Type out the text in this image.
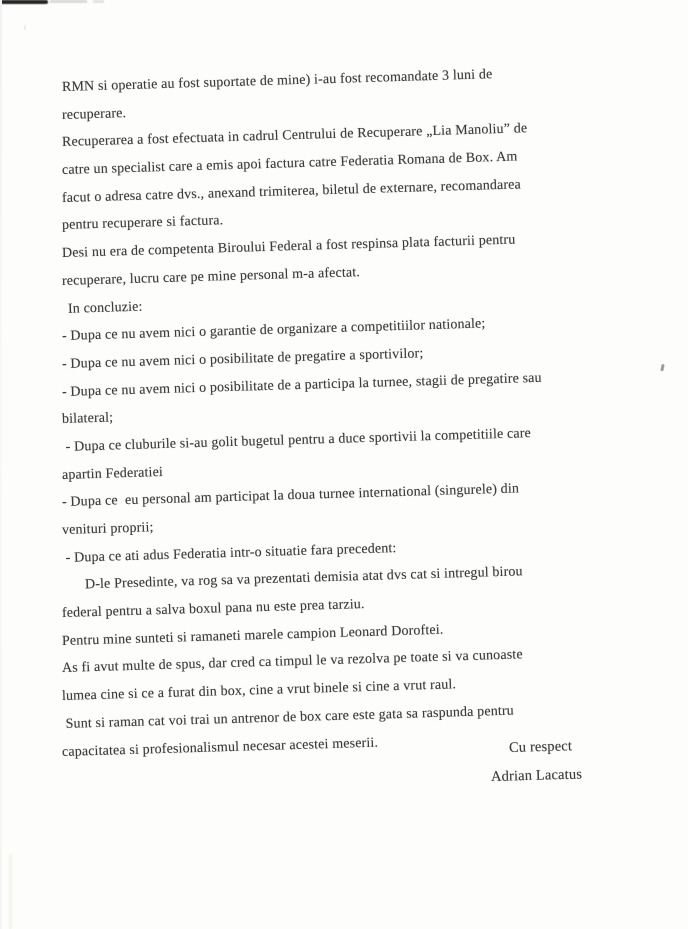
RMN si operatie au fost suportate de mine) i-au fost recomandate 3 luni de
recuperare.
Recuperarea a fost efectuata in cadrul Centrului de Recuperare „Lia Manoliu” de
catre un specialist care a emis apoi factura catre Federatia Romana de Box. Am
facut o adresa catre dvs., anexand trimiterea, biletul de externare, recomandarea
pentru recuperare si factura.
Desi nu era de competenta Biroului Federal a fost respinsa plata facturii pentru
recuperare, lucru care pe mine personal m-a afectat.
In concluzie:
- Dupa ce nu avem nici o garantie de organizare a competitiilor nationale;
- Dupa ce nu avem nici o posibilitate de pregatire a sportivilor;
- Dupa ce nu avem nici o posibilitate de a participa la turnee, stagii de pregatire sau
bilateral;
- Dupa ce cluburile si-au golit bugetul pentru a duce sportivii la competitiile care
apartin Federatiei
- Dupa ce  eu personal am participat la doua turnee international (singurele) din
venituri proprii;
- Dupa ce ati adus Federatia intr-o situatie fara precedent:
D-le Presedinte, va rog sa va prezentati demisia atat dvs cat si intregul birou
federal pentru a salva boxul pana nu este prea tarziu.
Pentru mine sunteti si ramaneti marele campion Leonard Doroftei.
As fi avut multe de spus, dar cred ca timpul le va rezolva pe toate si va cunoaste
lumea cine si ce a furat din box, cine a vrut binele si cine a vrut raul.
Sunt si raman cat voi trai un antrenor de box care este gata sa raspunda pentru
capacitatea si profesionalismul necesar acestei meserii.	Cu respect
Adrian Lacatus
